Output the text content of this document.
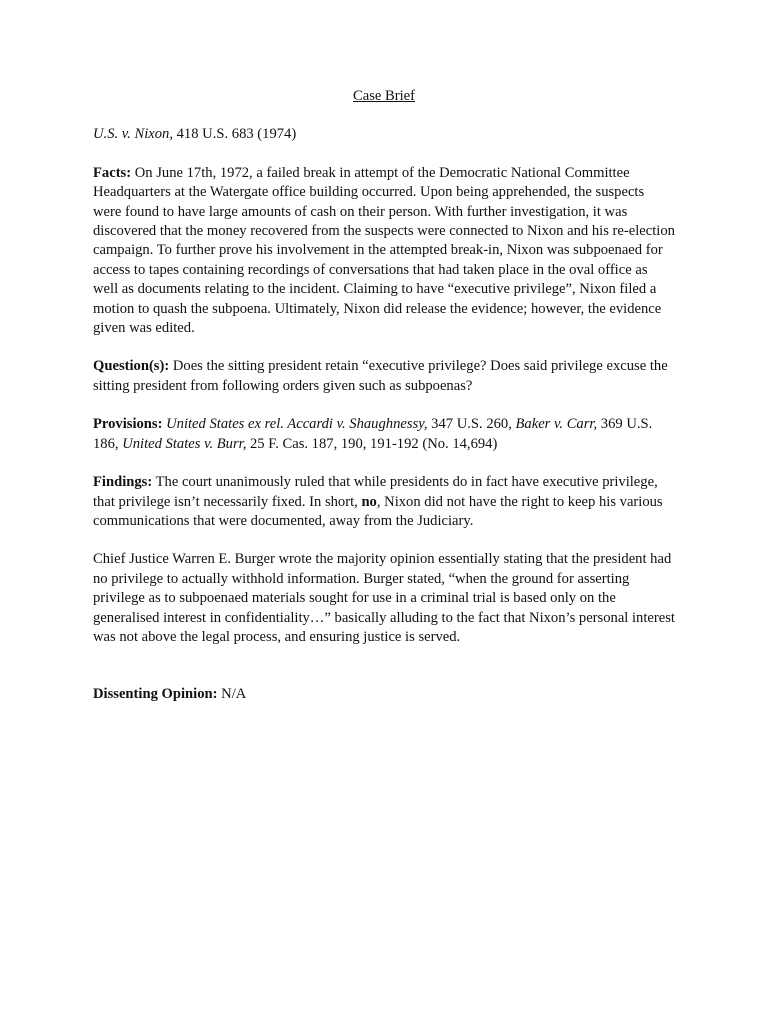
Case Brief
U.S. v. Nixon, 418 U.S. 683 (1974)
Facts: On June 17th, 1972, a failed break in attempt of the Democratic National Committee Headquarters at the Watergate office building occurred. Upon being apprehended, the suspects were found to have large amounts of cash on their person. With further investigation, it was discovered that the money recovered from the suspects were connected to Nixon and his re-election campaign. To further prove his involvement in the attempted break-in, Nixon was subpoenaed for access to tapes containing recordings of conversations that had taken place in the oval office as well as documents relating to the incident. Claiming to have “executive privilege”, Nixon filed a motion to quash the subpoena. Ultimately, Nixon did release the evidence; however, the evidence given was edited.
Question(s): Does the sitting president retain “executive privilege? Does said privilege excuse the sitting president from following orders given such as subpoenas?
Provisions: United States ex rel. Accardi v. Shaughnessy, 347 U.S. 260, Baker v. Carr, 369 U.S. 186, United States v. Burr, 25 F. Cas. 187, 190, 191-192 (No. 14,694)
Findings: The court unanimously ruled that while presidents do in fact have executive privilege, that privilege isn’t necessarily fixed. In short, no, Nixon did not have the right to keep his various communications that were documented, away from the Judiciary.
Chief Justice Warren E. Burger wrote the majority opinion essentially stating that the president had no privilege to actually withhold information. Burger stated, “when the ground for asserting privilege as to subpoenaed materials sought for use in a criminal trial is based only on the generalised interest in confidentiality…” basically alluding to the fact that Nixon’s personal interest was not above the legal process, and ensuring justice is served.
Dissenting Opinion: N/A
